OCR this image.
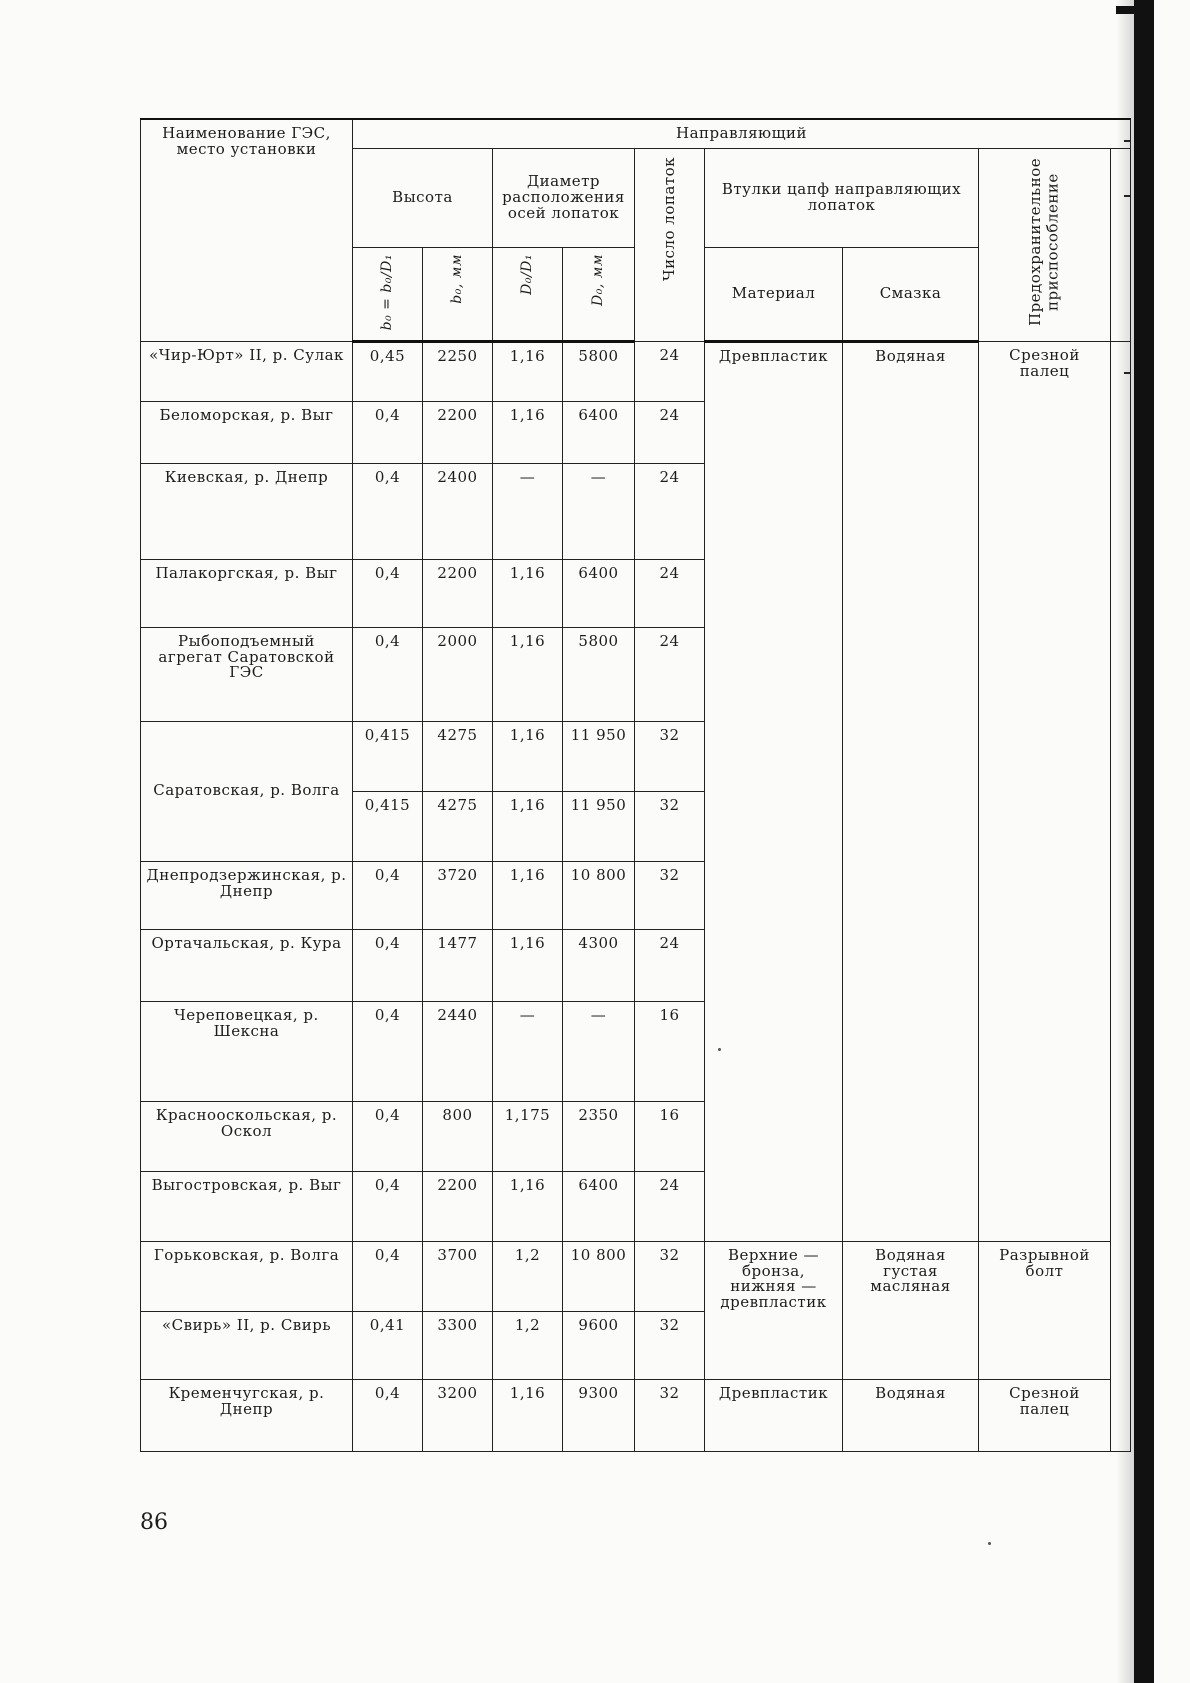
Наименование ГЭС, место установки	Направляющий								
	Высота		Диаметр расположения осей лопаток		Число лопаток	Втулки цапф направляющих лопаток		Предохранительное приспособление	
	b₀ = b₀/D₁	b₀, мм	D₀/D₁	D₀, мм		Материал	Смазка		
«Чир-Юрт» II, р. Сулак	0,45	2250	1,16	5800	24	Древпластик	Водяная	Срезной палец	
Беломорская, р. Выг	0,4	2200	1,16	6400	24				
Киевская, р. Днепр	0,4	2400	—	—	24				
Палакоргская, р. Выг	0,4	2200	1,16	6400	24				
Рыбоподъемный агрегат Саратовской ГЭС	0,4	2000	1,16	5800	24				
Саратовская, р. Волга	0,415	4275	1,16	11 950	32				
	0,415	4275	1,16	11 950	32				
Днепродзержинская, р. Днепр	0,4	3720	1,16	10 800	32				
Ортачальская, р. Кура	0,4	1477	1,16	4300	24				
Череповецкая, р. Шексна	0,4	2440	—	—	16				
Краснооскольская, р. Оскол	0,4	800	1,175	2350	16				
Выгостровская, р. Выг	0,4	2200	1,16	6400	24				
Горьковская, р. Волга	0,4	3700	1,2	10 800	32	Верхние — бронза, нижняя — древпластик	Водяная густая масляная	Разрывной болт	
«Свирь» II, р. Свирь	0,41	3300	1,2	9600	32				
Кременчугская, р. Днепр	0,4	3200	1,16	9300	32	Древпластик	Водяная	Срезной палец	
86
